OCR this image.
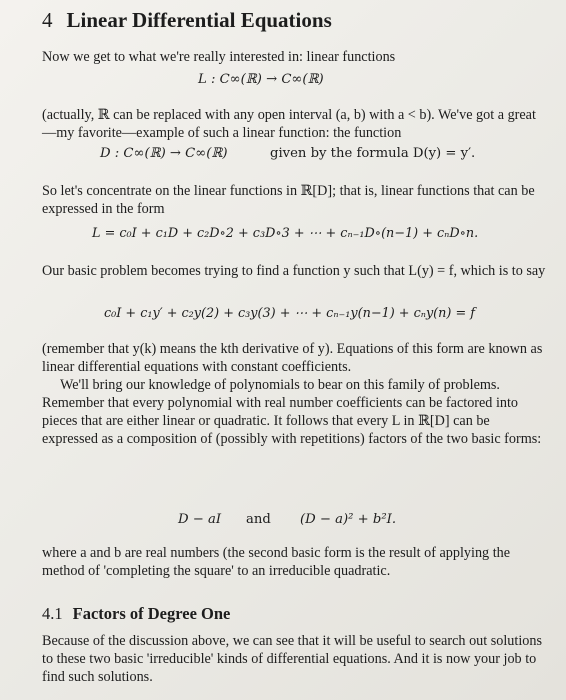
4 Linear Differential Equations
Now we get to what we're really interested in: linear functions
L : C∞(ℝ) → C∞(ℝ)
(actually, ℝ can be replaced with any open interval (a, b) with a < b). We've got a great—my favorite—example of such a linear function: the function
D : C∞(ℝ) → C∞(ℝ)	given by the formula D(y) = y′.
So let's concentrate on the linear functions in ℝ[D]; that is, linear functions that can be expressed in the form
L = c₀I + c₁D + c₂D∘2 + c₃D∘3 + ⋯ + cₙ₋₁D∘(n−1) + cₙD∘n.
Our basic problem becomes trying to find a function y such that L(y) = f, which is to say
c₀I + c₁y′ + c₂y(2) + c₃y(3) + ⋯ + cₙ₋₁y(n−1) + cₙy(n) = f

(remember that y(k) means the kth derivative of y). Equations of this form are known as linear differential equations with constant coefficients.

We'll bring our knowledge of polynomials to bear on this family of problems. Remember that every polynomial with real number coefficients can be factored into pieces that are either linear or quadratic. It follows that every L in ℝ[D] can be expressed as a composition of (possibly with repetitions) factors of the two basic forms:

D − aI and (D − a)² + b²I.
where a and b are real numbers (the second basic form is the result of applying the method of 'completing the square' to an irreducible quadratic.
4.1 Factors of Degree One
Because of the discussion above, we can see that it will be useful to search out solutions to these two basic 'irreducible' kinds of differential equations. And it is now your job to find such solutions.
